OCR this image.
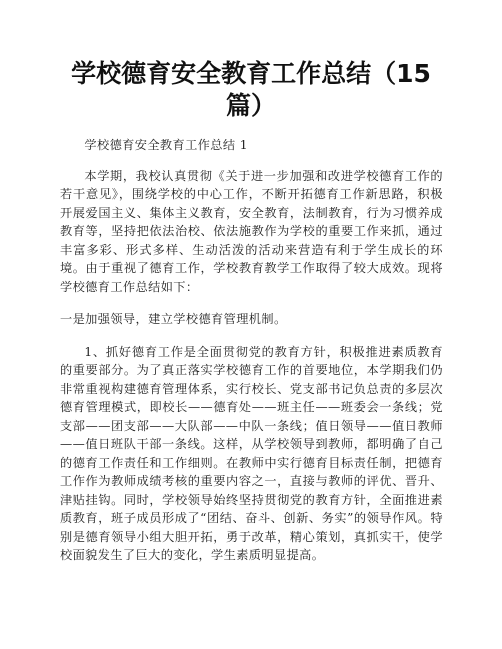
学校德育安全教育工作总结（15篇）

学校德育安全教育工作总结 1

本学期，我校认真贯彻《关于进一步加强和改进学校德育工作的若干意见》，围绕学校的中心工作，不断开拓德育工作新思路，积极开展爱国主义、集体主义教育，安全教育，法制教育，行为习惯养成教育等，坚持把依法治校、依法施教作为学校的重要工作来抓，通过丰富多彩、形式多样、生动活泼的活动来营造有利于学生成长的环境。由于重视了德育工作，学校教育教学工作取得了较大成效。现将学校德育工作总结如下：

一是加强领导，建立学校德育管理机制。

1、抓好德育工作是全面贯彻党的教育方针，积极推进素质教育的重要部分。为了真正落实学校德育工作的首要地位，本学期我们仍非常重视构建德育管理体系，实行校长、党支部书记负总责的多层次德育管理模式，即校长——德育处——班主任——班委会一条线；党支部——团支部——大队部——中队一条线；值日领导——值日教师——值日班队干部一条线。这样，从学校领导到教师，都明确了自己的德育工作责任和工作细则。在教师中实行德育目标责任制，把德育工作作为教师成绩考核的重要内容之一，直接与教师的评优、晋升、津贴挂钩。同时，学校领导始终坚持贯彻党的教育方针，全面推进素质教育，班子成员形成了“团结、奋斗、创新、务实”的领导作风。特别是德育领导小组大胆开拓，勇于改革，精心策划，真抓实干，使学校面貌发生了巨大的变化，学生素质明显提高。
